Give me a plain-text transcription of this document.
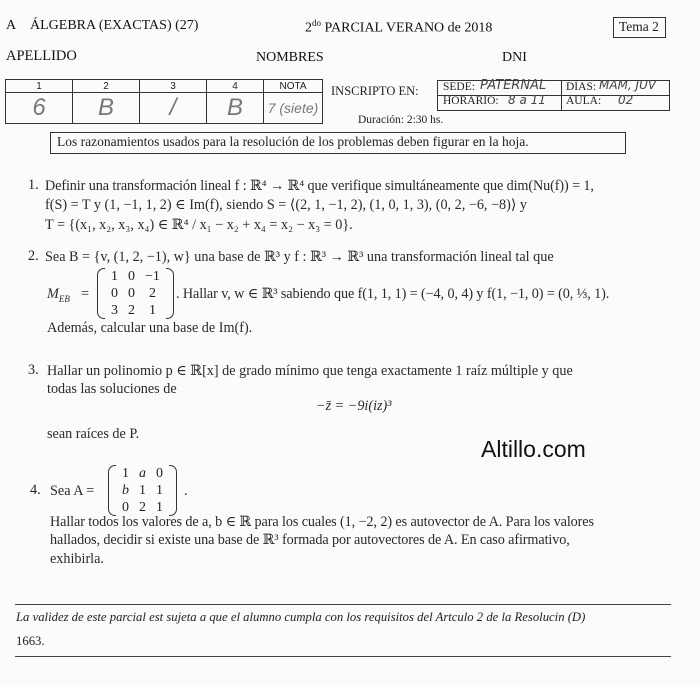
A ÁLGEBRA (EXACTAS) (27)	$2^{do}$ PARCIAL VERANO de 2018	Tema 2
APELLIDO	NOMBRES	DNI
1	2	3	4	NOTA
6	B	/	B	7 (siete)
INSCRIPTO EN: SEDE: PATERNAL DÍAS: MAM, JUV
HORARIO: 8 a 11 AULA: 02
Duración: 2:30 hs.
Los razonamientos usados para la resolución de los problemas deben figurar en la hoja.
1. Definir una transformación lineal f : ℝ⁴ → ℝ⁴ que verifique simultáneamente que dim(Nu(f)) = 1,
f(S) = T y (1, −1, 1, 2) ∈ Im(f), siendo S = ⟨(2, 1, −1, 2), (1, 0, 1, 3), (0, 2, −6, −8)⟩ y
T = {(x₁, x₂, x₃, x₄) ∈ ℝ⁴ / x₁ − x₂ + x₄ = x₂ − x₃ = 0}.
2. Sea B = {v, (1, 2, −1), w} una base de ℝ³ y f : ℝ³ → ℝ³ una transformación lineal tal que
$M_{EB}$ =
1	0	−1
0	0	2
3	2	1
. Hallar v, w ∈ ℝ³ sabiendo que f(1, 1, 1) = (−4, 0, 4) y f(1, −1, 0) = (0, ⅓, 1).
Además, calcular una base de Im(f).
3. Hallar un polinomio p ∈ ℝ[x] de grado mínimo que tenga exactamente 1 raíz múltiple y que
todas las soluciones de
−z̄ = −9i(iz)³
sean raíces de P.
Altillo.com
4. Sea A =
1	a	0
b	1	1
0	2	1
.
Hallar todos los valores de a, b ∈ ℝ para los cuales (1, −2, 2) es autovector de A. Para los valores
hallados, decidir si existe una base de ℝ³ formada por autovectores de A. En caso afirmativo,
exhibirla.
La validez de este parcial est sujeta a que el alumno cumpla con los requisitos del Artculo 2 de la Resolucin (D)
1663.
